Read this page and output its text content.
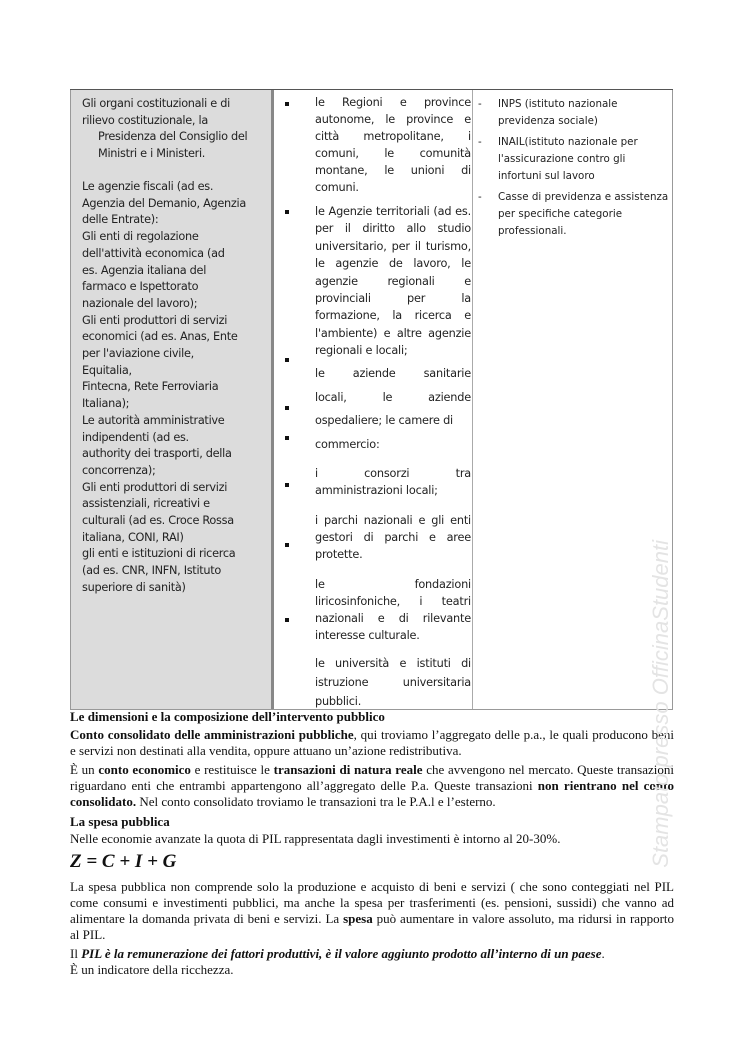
Gli organi costituzionali e di
rilievo costituzionale, la
Presidenza del Consiglio del
Ministri e i Ministeri.
Le agenzie fiscali (ad es.
Agenzia del Demanio, Agenzia
delle Entrate):
Gli enti di regolazione
dell'attività economica (ad
es. Agenzia italiana del
farmaco e Ispettorato
nazionale del lavoro);
Gli enti produttori di servizi
economici (ad es. Anas, Ente
per l'aviazione civile,
Equitalia,
Fintecna, Rete Ferroviaria
Italiana);
Le autorità amministrative
indipendenti (ad es.
authority dei trasporti, della
concorrenza);
Gli enti produttori di servizi
assistenziali, ricreativi e
culturali (ad es. Croce Rossa
italiana, CONI, RAI)
gli enti e istituzioni di ricerca
(ad es. CNR, INFN, Istituto
superiore di sanità)
le Regioni e province autonome, le province e città metropolitane, i comuni, le comunità montane, le unioni di comuni.
le Agenzie territoriali (ad es. per il diritto allo studio universitario, per il turismo, le agenzie de lavoro, le agenzie regionali e provinciali per la formazione, la ricerca e l'ambiente) e altre agenzie regionali e locali;
le aziende sanitarie
locali, le aziende
ospedaliere; le camere di
commercio:
i consorzi tra amministrazioni locali;
i parchi nazionali e gli enti gestori di parchi e aree protette.
le fondazioni liricosinfoniche, i teatri nazionali e di rilevante interesse culturale.
le università e istituti di
istruzione universitaria
pubblici.
- INPS (istituto nazionale previdenza sociale)
- INAIL(istituto nazionale per l'assicurazione contro gli infortuni sul lavoro
- Casse di previdenza e assistenza per specifiche categorie professionali.
Le dimensioni e la composizione dell’intervento pubblico
Conto consolidato delle amministrazioni pubbliche, qui troviamo l’aggregato delle p.a., le quali producono beni e servizi non destinati alla vendita, oppure attuano un’azione redistributiva.
È un conto economico e restituisce le transazioni di natura reale che avvengono nel mercato. Queste transazioni riguardano enti che entrambi appartengono all’aggregato delle P.a. Queste transazioni non rientrano nel conto consolidato. Nel conto consolidato troviamo le transazioni tra le P.A.l e l’esterno.
La spesa pubblica
Nelle economie avanzate la quota di PIL rappresentata dagli investimenti è intorno al 20-30%.
Z = C + I + G
La spesa pubblica non comprende solo la produzione e acquisto di beni e servizi ( che sono conteggiati nel PIL come consumi e investimenti pubblici, ma anche la spesa per trasferimenti (es. pensioni, sussidi) che vanno ad alimentare la domanda privata di beni e servizi. La spesa può aumentare in valore assoluto, ma ridursi in rapporto al PIL.
Il PIL è la remunerazione dei fattori produttivi, è il valore aggiunto prodotto all’interno di un paese.
È un indicatore della ricchezza.
Stampato presso OfficinaStudenti
